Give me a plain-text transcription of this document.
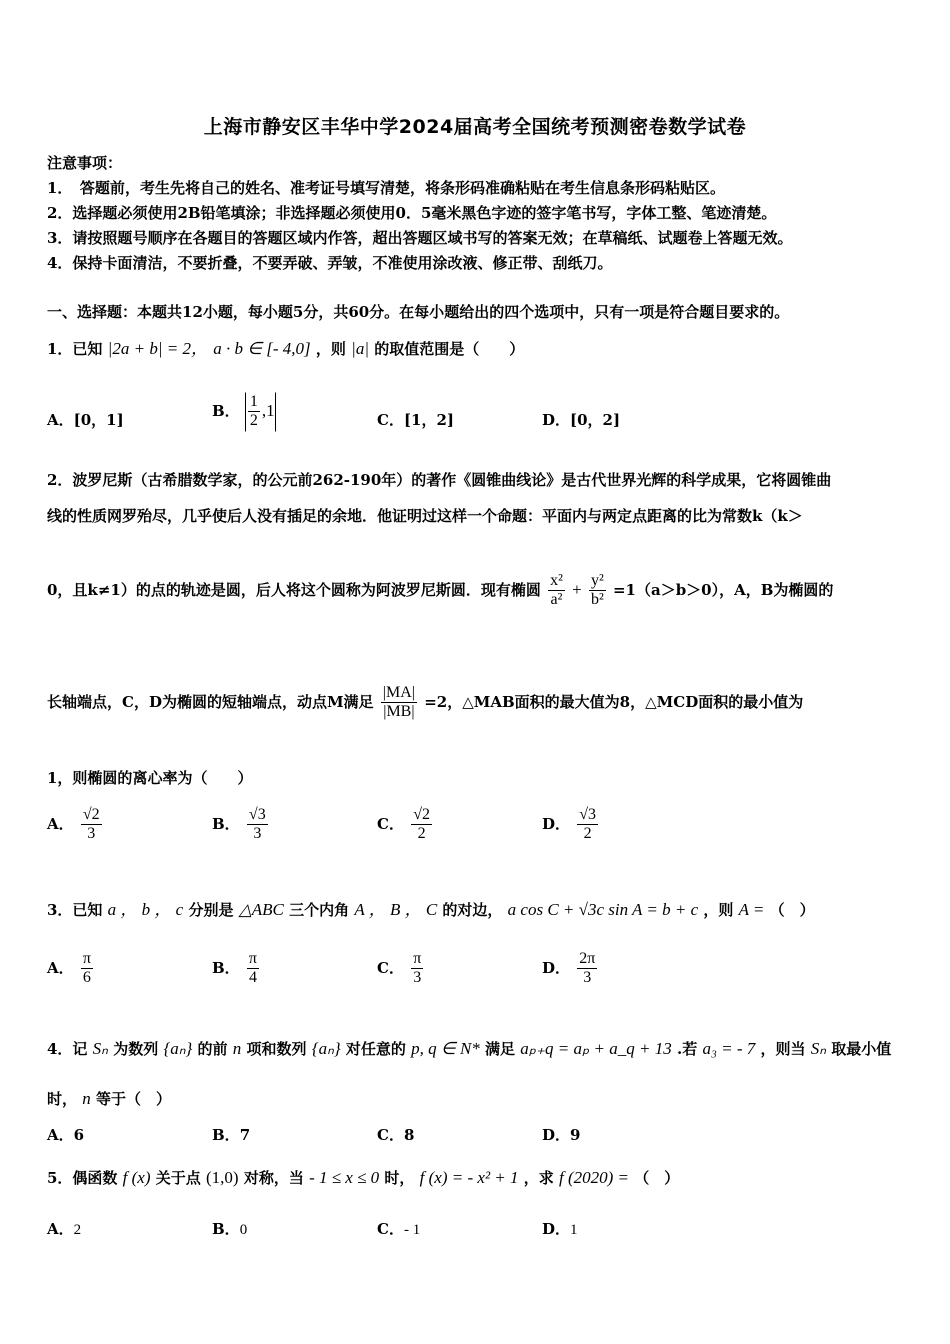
上海市静安区丰华中学2024届高考全国统考预测密卷数学试卷
注意事项：
1．　答题前，考生先将自己的姓名、准考证号填写清楚，将条形码准确粘贴在考生信息条形码粘贴区。
2．选择题必须使用2B铅笔填涂；非选择题必须使用0．5毫米黑色字迹的签字笔书写，字体工整、笔迹清楚。
3．请按照题号顺序在各题目的答题区域内作答，超出答题区域书写的答案无效；在草稿纸、试题卷上答题无效。
4．保持卡面清洁，不要折叠，不要弄破、弄皱，不准使用涂改液、修正带、刮纸刀。
一、选择题：本题共12小题，每小题5分，共60分。在每小题给出的四个选项中，只有一项是符合题目要求的。
1．已知 |2a + b| = 2， a · b ∈ [- 4,0] ，则 |a| 的取值范围是（　　）
A．[0，1]
B． $\frac{1}{2} ,1$
C．[1，2]	D．[0，2]
2．波罗尼斯（古希腊数学家，的公元前262-190年）的著作《圆锥曲线论》是古代世界光辉的科学成果，它将圆锥曲
线的性质网罗殆尽，几乎使后人没有插足的余地．他证明过这样一个命题：平面内与两定点距离的比为常数k（k＞
0，且k≠1）的点的轨迹是圆，后人将这个圆称为阿波罗尼斯圆．现有椭圆 $\frac{\text{x²}}{\text{a²}} + \frac{\text{y²}}{\text{b²}} =1(a>b>0)$，A，B为椭圆的
长轴端点，C，D为椭圆的短轴端点，动点M满足 $\frac{|MA|}{|MB|} =2$，△MAB面积的最大值为8，△MCD面积的最小值为
1，则椭圆的离心率为（　　）
A． $\frac{√2}{3}$	B． $\frac{√3}{3}$	C． $\frac{√2}{2}$	D． $\frac{√3}{2}$
3．已知 a ， b ， c 分别是 △ABC 三个内角 A ， B ， C 的对边， a cos C + √3c sin A = b + c ，则 A = （　）
A． $\frac{\pi}{6}$	B． $\frac{\pi}{4}$	C． $\frac{\pi}{3}$	D． $\frac{2\pi}{3}$
4．记 Sₙ 为数列 {aₙ} 的前 n 项和数列 {aₙ} 对任意的 p, q ∈ N* 满足 aₚ₊q = aₚ + a_q + 13 .若 a₃ = - 7 ，则当 Sₙ 取最小值
时， n 等于（　）
A．6	B．7	C．8	D．9
5．偶函数 f (x) 关于点 (1,0) 对称，当 - 1 ≤ x ≤ 0 时， f (x) = - x² + 1 ，求 f (2020) = （　）
A．2	B．0	C．- 1	D．1
